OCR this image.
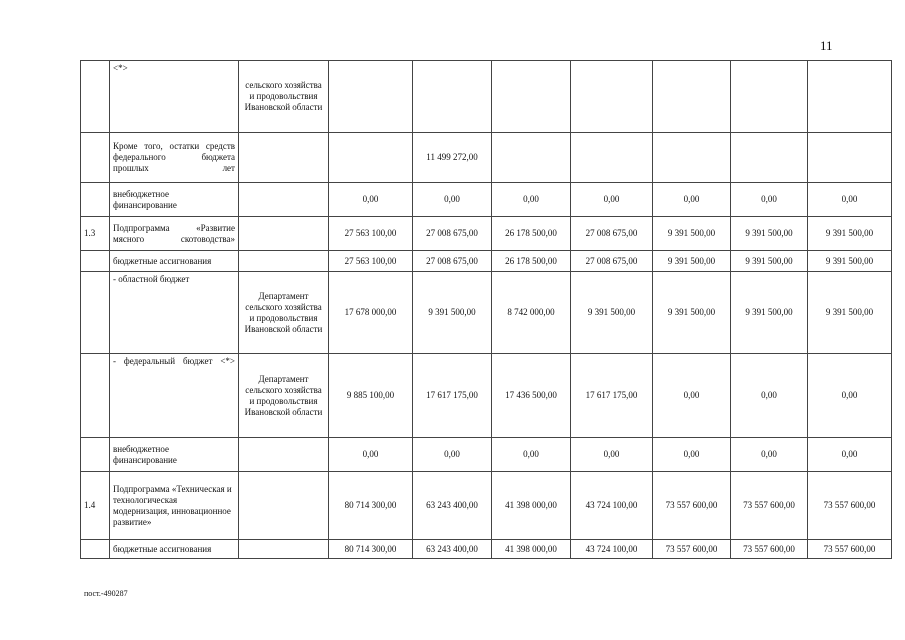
11
	<*>	сельского хозяйства и продовольствия Ивановской области							
	Кроме того, остатки средств федерального бюджета прошлых лет			11 499 272,00					
	внебюджетное финансирование		0,00	0,00	0,00	0,00	0,00	0,00	0,00
1.3	Подпрограмма «Развитие мясного скотоводства»		27 563 100,00	27 008 675,00	26 178 500,00	27 008 675,00	9 391 500,00	9 391 500,00	9 391 500,00
	бюджетные ассигнования		27 563 100,00	27 008 675,00	26 178 500,00	27 008 675,00	9 391 500,00	9 391 500,00	9 391 500,00
	- областной бюджет	Департамент сельского хозяйства и продовольствия Ивановской области	17 678 000,00	9 391 500,00	8 742 000,00	9 391 500,00	9 391 500,00	9 391 500,00	9 391 500,00
	- федеральный бюджет <*>	Департамент сельского хозяйства и продовольствия Ивановской области	9 885 100,00	17 617 175,00	17 436 500,00	17 617 175,00	0,00	0,00	0,00
	внебюджетное финансирование		0,00	0,00	0,00	0,00	0,00	0,00	0,00
1.4	Подпрограмма «Техническая и технологическая модернизация, инновационное развитие»		80 714 300,00	63 243 400,00	41 398 000,00	43 724 100,00	73 557 600,00	73 557 600,00	73 557 600,00
	бюджетные ассигнования		80 714 300,00	63 243 400,00	41 398 000,00	43 724 100,00	73 557 600,00	73 557 600,00	73 557 600,00
пост.-490287
